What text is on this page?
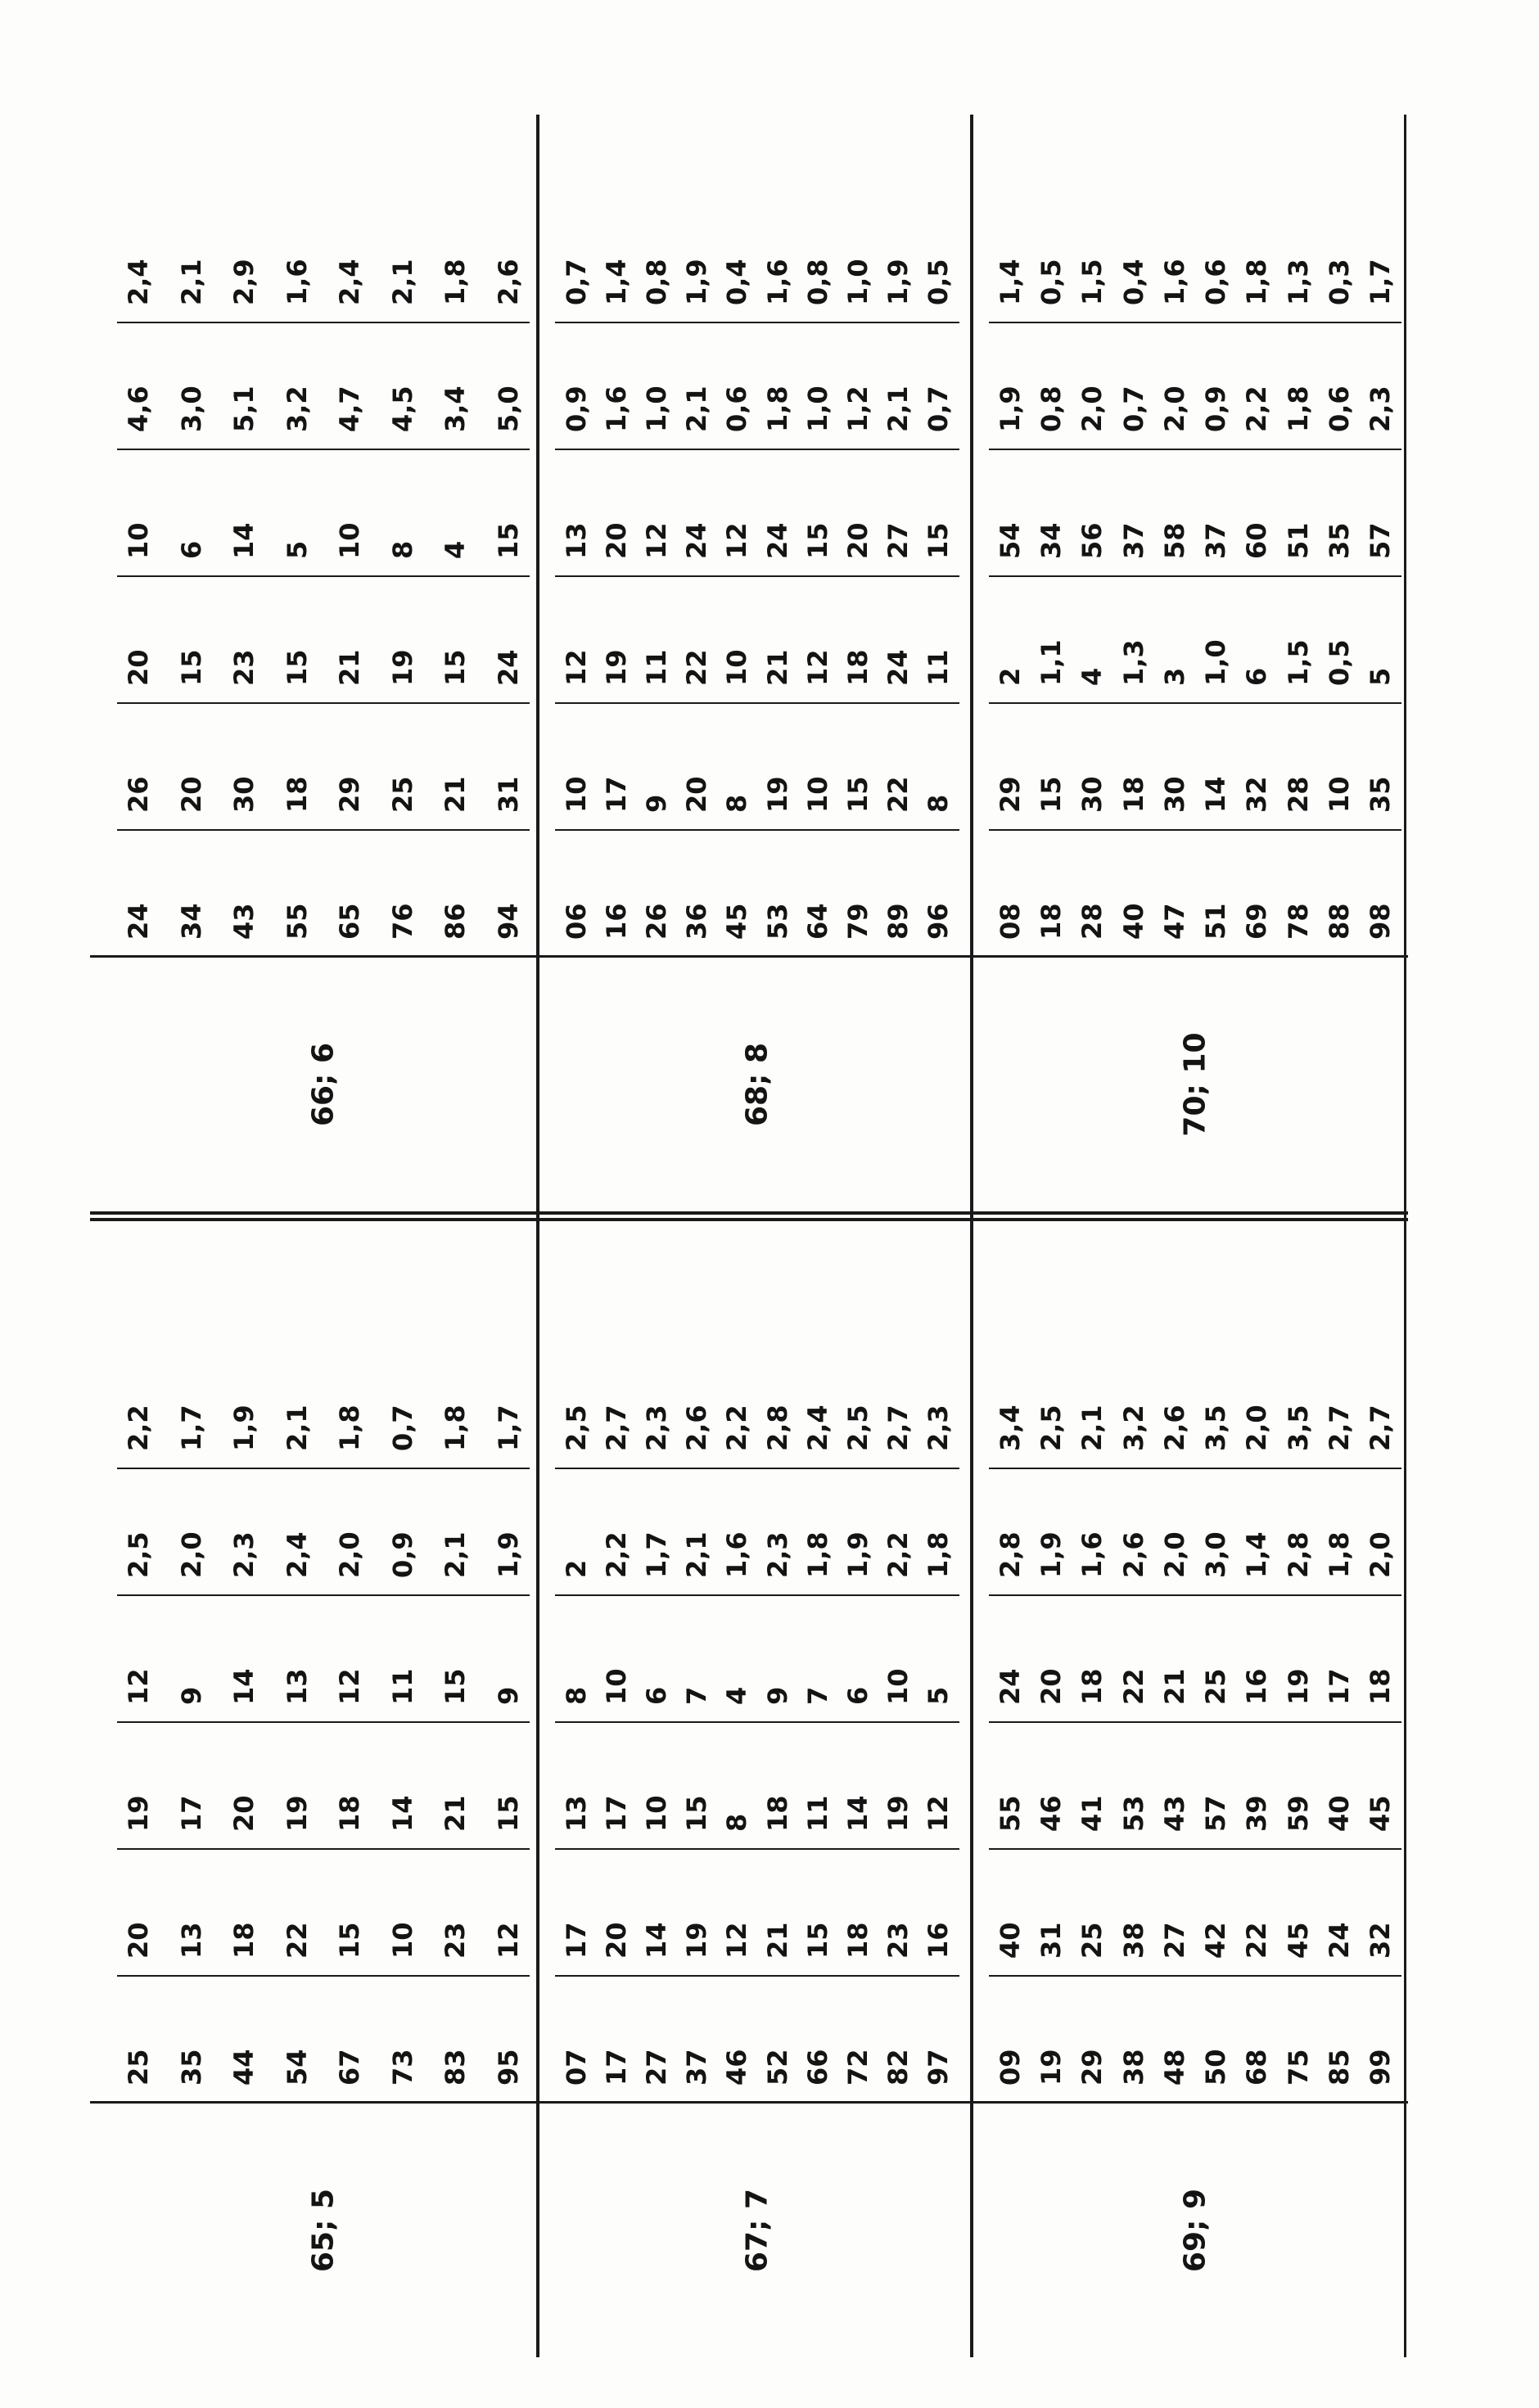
65; 5
25 35 44 54 67 73 83 95
20 13 18 22 15 10 23 12
19 17 20 19 18 14 21 15
12 9 14 13 12 11 15 9
2,5 2,0 2,3 2,4 2,0 0,9 2,1 1,9
2,2 1,7 1,9 2,1 1,8 0,7 1,8 1,7
67; 7
07 17 27 37 46 52 66 72 82 97
17 20 14 19 12 21 15 18 23 16
13 17 10 15 8 18 11 14 19 12
8 10 6 7 4 9 7 6 10 5
2 2,2 1,7 2,1 1,6 2,3 1,8 1,9 2,2 1,8
2,5 2,7 2,3 2,6 2,2 2,8 2,4 2,5 2,7 2,3
69; 9
09 19 29 38 48 50 68 75 85 99
40 31 25 38 27 42 22 45 24 32
55 46 41 53 43 57 39 59 40 45
24 20 18 22 21 25 16 19 17 18
2,8 1,9 1,6 2,6 2,0 3,0 1,4 2,8 1,8 2,0
3,4 2,5 2,1 3,2 2,6 3,5 2,0 3,5 2,7 2,7
66; 6
24 34 43 55 65 76 86 94
26 20 30 18 29 25 21 31
20 15 23 15 21 19 15 24
10 6 14 5 10 8 4 15
4,6 3,0 5,1 3,2 4,7 4,5 3,4 5,0
2,4 2,1 2,9 1,6 2,4 2,1 1,8 2,6
68; 8
06 16 26 36 45 53 64 79 89 96
10 17 9 20 8 19 10 15 22 8
12 19 11 22 10 21 12 18 24 11
13 20 12 24 12 24 15 20 27 15
0,9 1,6 1,0 2,1 0,6 1,8 1,0 1,2 2,1 0,7
0,7 1,4 0,8 1,9 0,4 1,6 0,8 1,0 1,9 0,5
70; 10
08 18 28 40 47 51 69 78 88 98
29 15 30 18 30 14 32 28 10 35
2 1,1 4 1,3 3 1,0 6 1,5 0,5 5
54 34 56 37 58 37 60 51 35 57
1,9 0,8 2,0 0,7 2,0 0,9 2,2 1,8 0,6 2,3
1,4 0,5 1,5 0,4 1,6 0,6 1,8 1,3 0,3 1,7
